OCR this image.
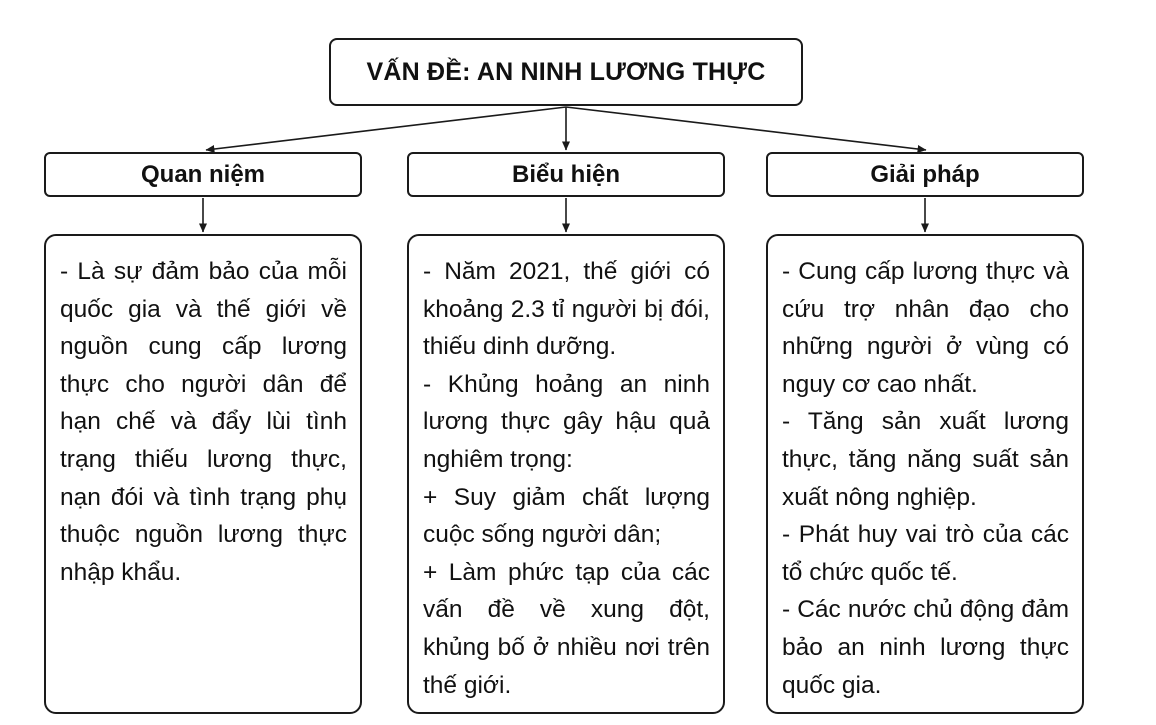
VẤN ĐỀ: AN NINH LƯƠNG THỰC
Quan niệm	Biểu hiện	Giải pháp

- Là sự đảm bảo của mỗi quốc gia và thế giới về nguồn cung cấp lương thực cho người dân để hạn chế và đẩy lùi tình trạng thiếu lương thực, nạn đói và tình trạng phụ thuộc nguồn lương thực nhập khẩu.

- Năm 2021, thế giới có khoảng 2.3 tỉ người bị đói, thiếu dinh dưỡng.

- Khủng hoảng an ninh lương thực gây hậu quả nghiêm trọng:

+ Suy giảm chất lượng cuộc sống người dân;

+ Làm phức tạp của các vấn đề về xung đột, khủng bố ở nhiều nơi trên thế giới.

- Cung cấp lương thực và cứu trợ nhân đạo cho những người ở vùng có nguy cơ cao nhất.

- Tăng sản xuất lương thực, tăng năng suất sản xuất nông nghiệp.

- Phát huy vai trò của các tổ chức quốc tế.

- Các nước chủ động đảm bảo an ninh lương thực quốc gia.
